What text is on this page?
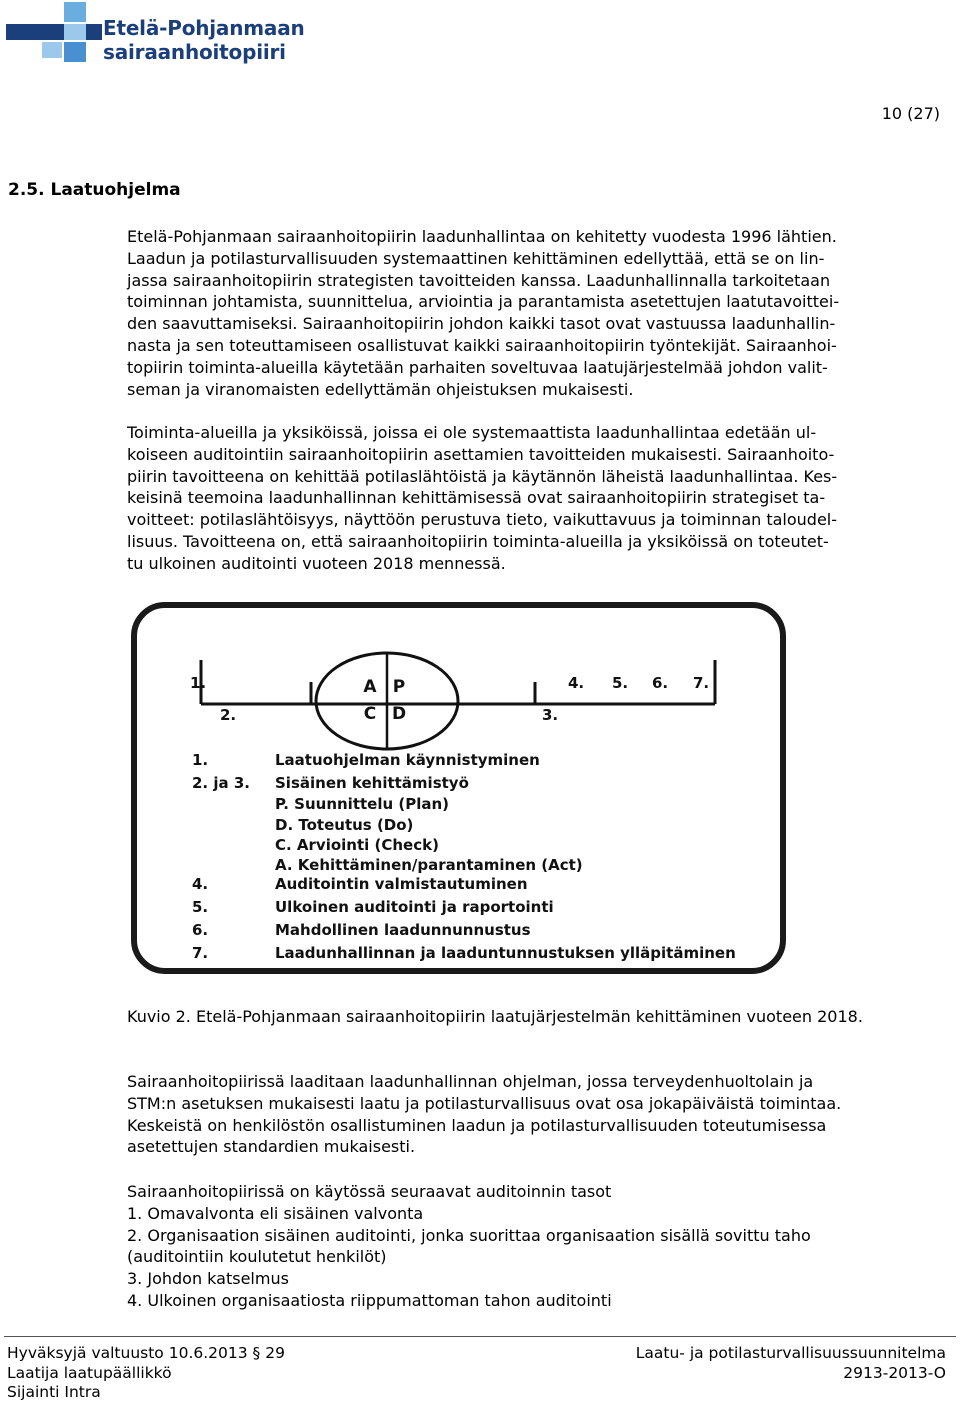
Etelä-Pohjanmaan
sairaanhoitopiiri
10 (27)
2.5. Laatuohjelma
Etelä-Pohjanmaan sairaanhoitopiirin laadunhallintaa on kehitetty vuodesta 1996 lähtien.
Laadun ja potilasturvallisuuden systemaattinen kehittäminen edellyttää, että se on lin-
jassa sairaanhoitopiirin strategisten tavoitteiden kanssa. Laadunhallinnalla tarkoitetaan
toiminnan johtamista, suunnittelua, arviointia ja parantamista asetettujen laatutavoittei-
den saavuttamiseksi. Sairaanhoitopiirin johdon kaikki tasot ovat vastuussa laadunhallin-
nasta ja sen toteuttamiseen osallistuvat kaikki sairaanhoitopiirin työntekijät. Sairaanhoi-
topiirin toiminta-alueilla käytetään parhaiten soveltuvaa laatujärjestelmää johdon valit-
seman ja viranomaisten edellyttämän ohjeistuksen mukaisesti.
Toiminta-alueilla ja yksiköissä, joissa ei ole systemaattista laadunhallintaa edetään ul-
koiseen auditointiin sairaanhoitopiirin asettamien tavoitteiden mukaisesti. Sairaanhoito-
piirin tavoitteena on kehittää potilaslähtöistä ja käytännön läheistä laadunhallintaa. Kes-
keisinä teemoina laadunhallinnan kehittämisessä ovat sairaanhoitopiirin strategiset ta-
voitteet: potilaslähtöisyys, näyttöön perustuva tieto, vaikuttavuus ja toiminnan taloudel-
lisuus. Tavoitteena on, että sairaanhoitopiirin toiminta-alueilla ja yksiköissä on toteutet-
tu ulkoinen auditointi vuoteen 2018 mennessä.
1.
2.	3.
4. 5. 6. 7.
A P
C D
1.	Laatuohjelman käynnistyminen
2. ja 3.	Sisäinen kehittämistyö
P. Suunnittelu (Plan)
D. Toteutus (Do)
C. Arviointi (Check)
A. Kehittäminen/parantaminen (Act)
4.	Auditointin valmistautuminen
5.	Ulkoinen auditointi ja raportointi
6.	Mahdollinen laadunnunnustus
7.	Laadunhallinnan ja laaduntunnustuksen ylläpitäminen
Kuvio 2. Etelä-Pohjanmaan sairaanhoitopiirin laatujärjestelmän kehittäminen vuoteen 2018.
Sairaanhoitopiirissä laaditaan laadunhallinnan ohjelman, jossa terveydenhuoltolain ja
STM:n asetuksen mukaisesti laatu ja potilasturvallisuus ovat osa jokapäiväistä toimintaa.
Keskeistä on henkilöstön osallistuminen laadun ja potilasturvallisuuden toteutumisessa
asetettujen standardien mukaisesti.
Sairaanhoitopiirissä on käytössä seuraavat auditoinnin tasot
1. Omavalvonta eli sisäinen valvonta
2. Organisaation sisäinen auditointi, jonka suorittaa organisaation sisällä sovittu taho
(auditointiin koulutetut henkilöt)
3. Johdon katselmus
4. Ulkoinen organisaatiosta riippumattoman tahon auditointi
Hyväksyjä valtuusto 10.6.2013 § 29
Laatija laatupäällikkö
Sijainti Intra
Laatu- ja potilasturvallisuussuunnitelma
2913-2013-O
